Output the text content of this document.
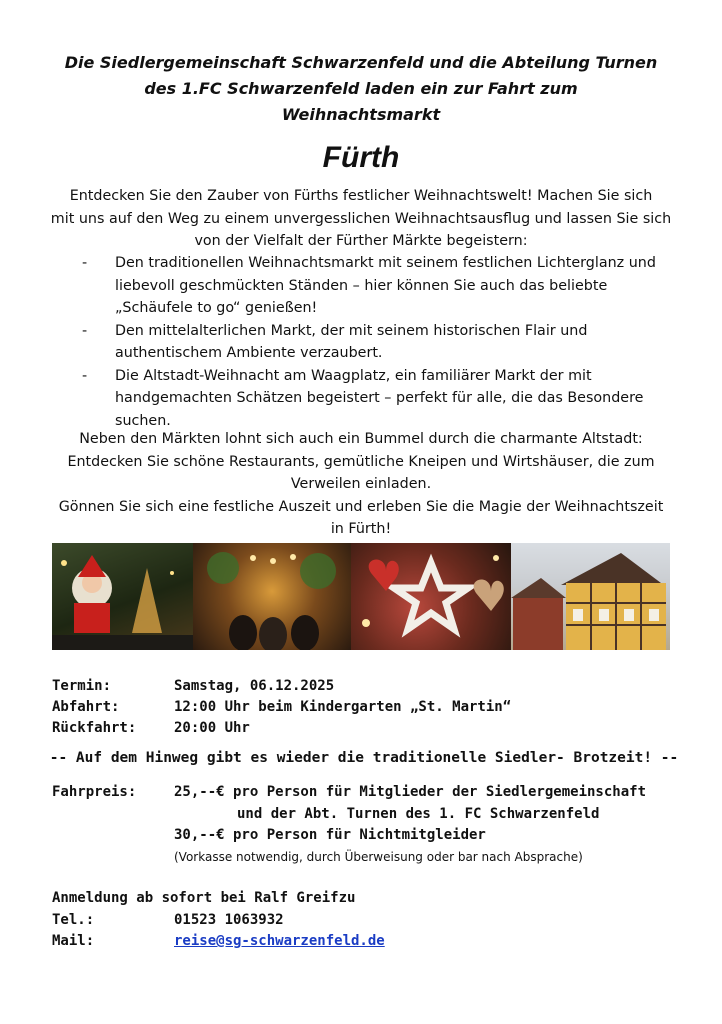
Die Siedlergemeinschaft Schwarzenfeld und die Abteilung Turnen
des 1.FC Schwarzenfeld laden ein zur Fahrt zum
Weihnachtsmarkt
Fürth
Entdecken Sie den Zauber von Fürths festlicher Weihnachtswelt! Machen Sie sich
mit uns auf den Weg zu einem unvergesslichen Weihnachtsausflug und lassen Sie sich
von der Vielfalt der Fürther Märkte begeistern:
- Den traditionellen Weihnachtsmarkt mit seinem festlichen Lichterglanz und
liebevoll geschmückten Ständen – hier können Sie auch das beliebte
„Schäufele to go“ genießen!
- Den mittelalterlichen Markt, der mit seinem historischen Flair und
authentischem Ambiente verzaubert.
- Die Altstadt-Weihnacht am Waagplatz, ein familiärer Markt der mit
handgemachten Schätzen begeistert – perfekt für alle, die das Besondere
suchen.
Neben den Märkten lohnt sich auch ein Bummel durch die charmante Altstadt:
Entdecken Sie schöne Restaurants, gemütliche Kneipen und Wirtshäuser, die zum
Verweilen einladen.
Gönnen Sie sich eine festliche Auszeit und erleben Sie die Magie der Weihnachtszeit
in Fürth!
Termin:	Samstag, 06.12.2025
Abfahrt:	12:00 Uhr beim Kindergarten „St. Martin“
Rückfahrt:	20:00 Uhr
-- Auf dem Hinweg gibt es wieder die traditionelle Siedler- Brotzeit! --
Fahrpreis:	25,--€ pro Person für Mitglieder der Siedlergemeinschaft
und der Abt. Turnen des 1. FC Schwarzenfeld
30,--€ pro Person für Nichtmitgleider
(Vorkasse notwendig, durch Überweisung oder bar nach Absprache)
Anmeldung ab sofort bei Ralf Greifzu
Tel.:	01523 1063932
Mail:	reise@sg-schwarzenfeld.de
